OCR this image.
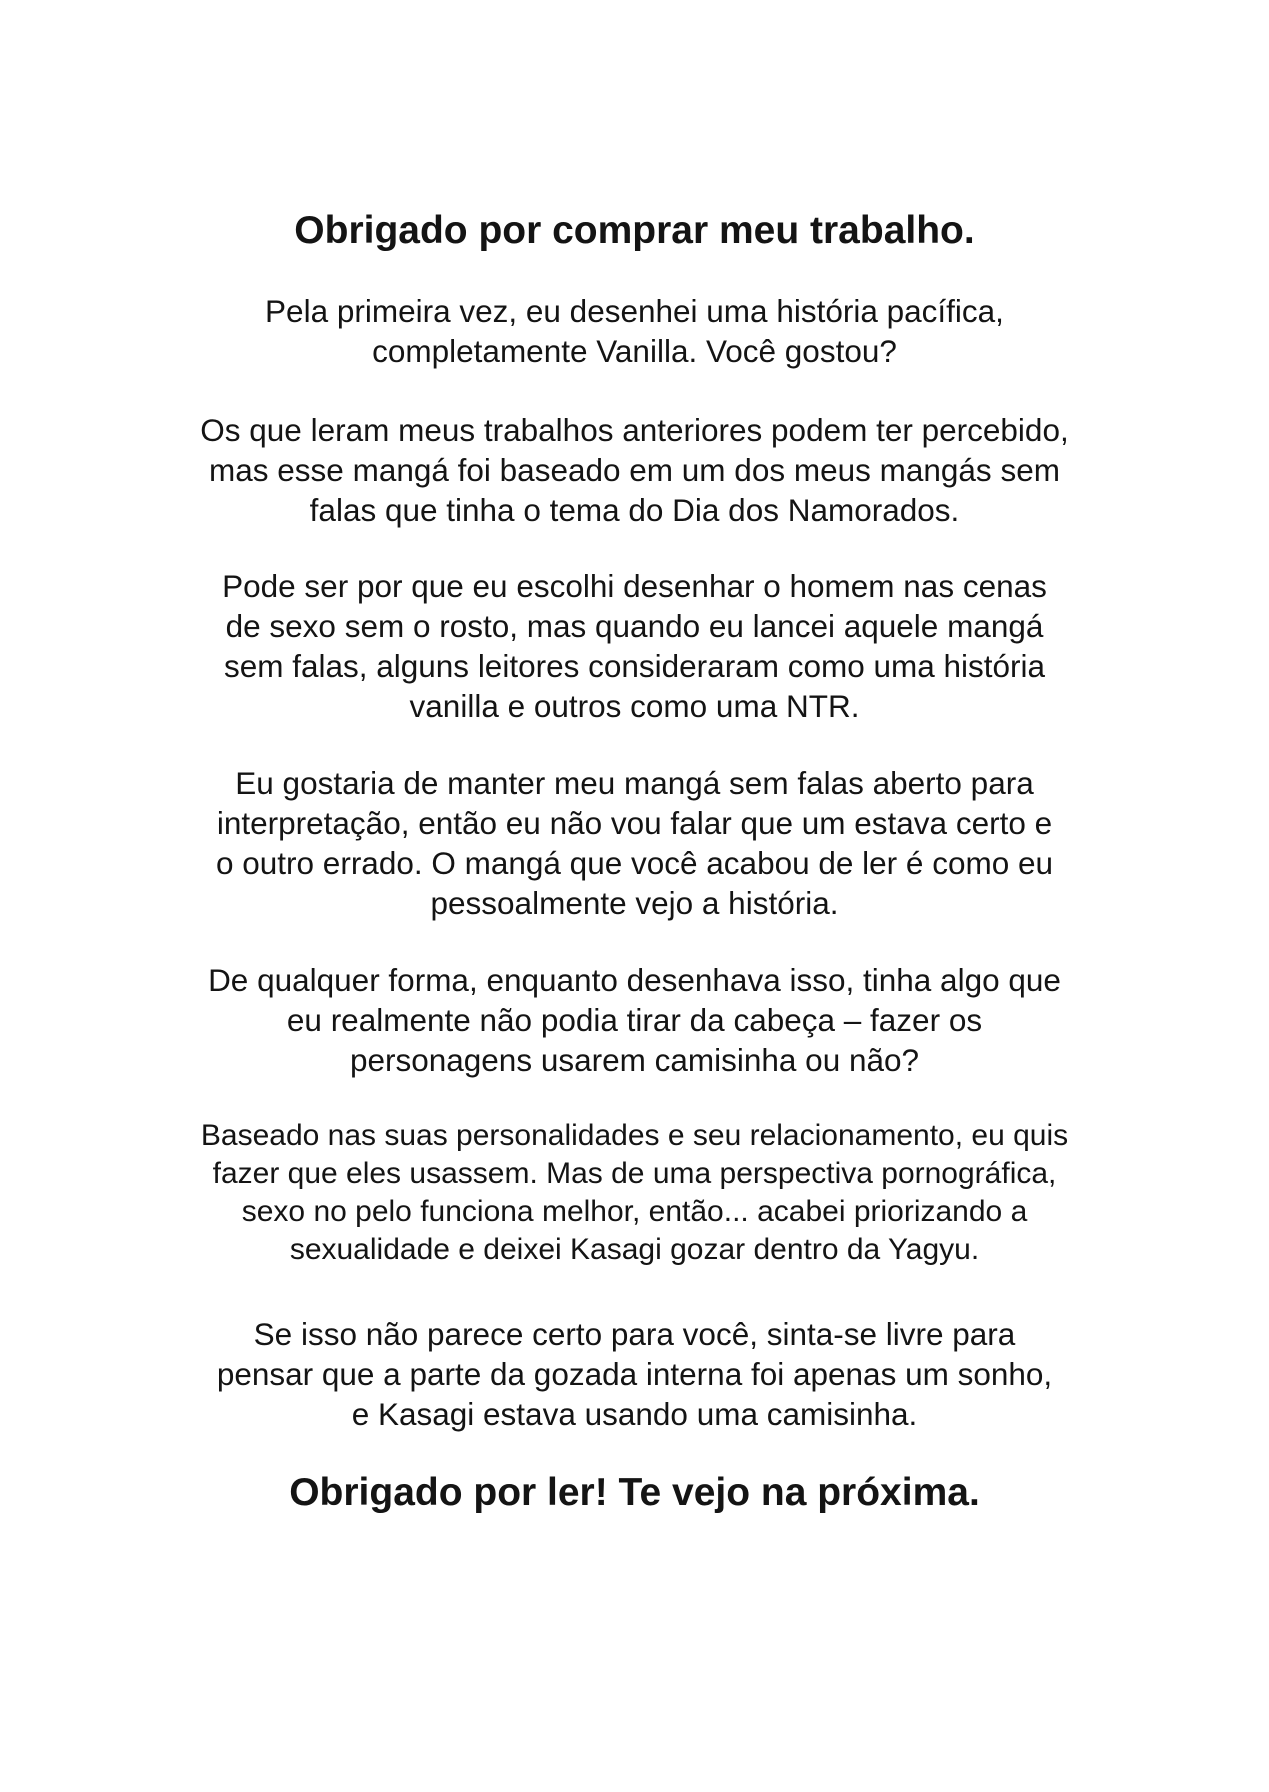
Obrigado por comprar meu trabalho.

Pela primeira vez, eu desenhei uma história pacífica,
completamente Vanilla. Você gostou?

Os que leram meus trabalhos anteriores podem ter percebido,
mas esse mangá foi baseado em um dos meus mangás sem
falas que tinha o tema do Dia dos Namorados.

Pode ser por que eu escolhi desenhar o homem nas cenas
de sexo sem o rosto, mas quando eu lancei aquele mangá
sem falas, alguns leitores consideraram como uma história
vanilla e outros como uma NTR.

Eu gostaria de manter meu mangá sem falas aberto para
interpretação, então eu não vou falar que um estava certo e
o outro errado. O mangá que você acabou de ler é como eu
pessoalmente vejo a história.

De qualquer forma, enquanto desenhava isso, tinha algo que
eu realmente não podia tirar da cabeça – fazer os
personagens usarem camisinha ou não?

Baseado nas suas personalidades e seu relacionamento, eu quis
fazer que eles usassem. Mas de uma perspectiva pornográfica,
sexo no pelo funciona melhor, então... acabei priorizando a
sexualidade e deixei Kasagi gozar dentro da Yagyu.

Se isso não parece certo para você, sinta-se livre para
pensar que a parte da gozada interna foi apenas um sonho,
e Kasagi estava usando uma camisinha.

Obrigado por ler! Te vejo na próxima.
